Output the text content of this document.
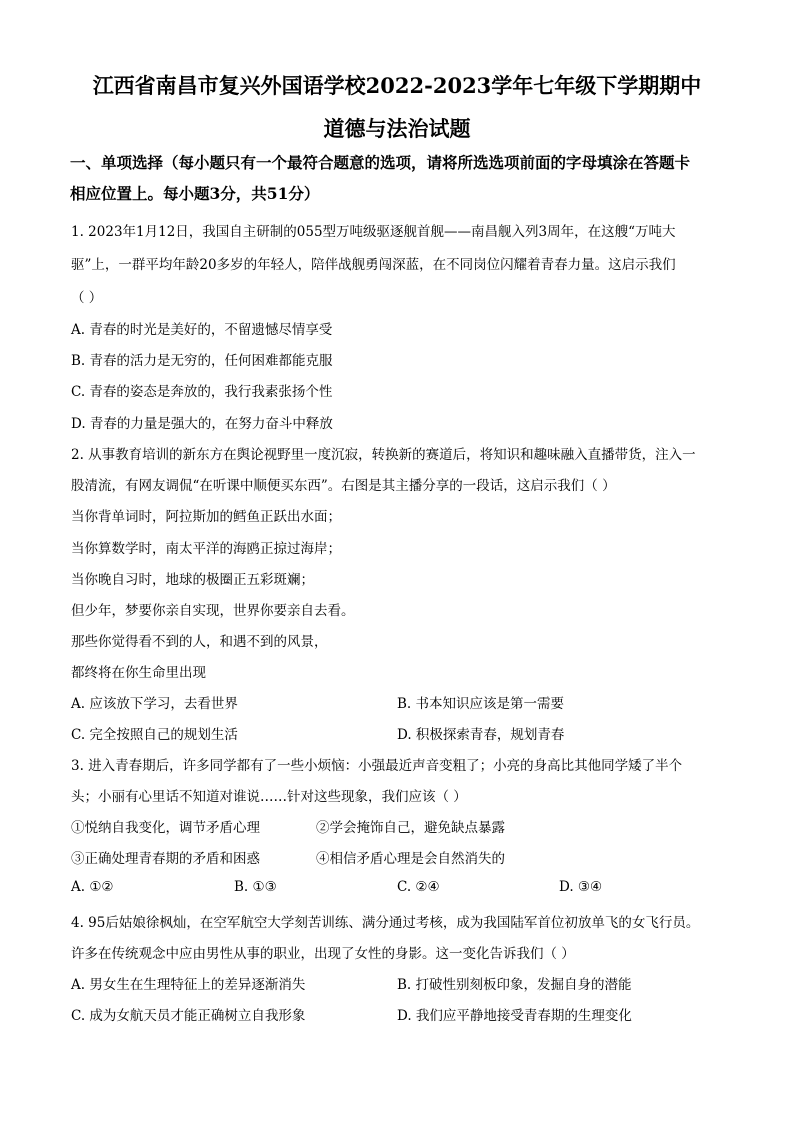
江西省南昌市复兴外国语学校2022-2023学年七年级下学期期中
道德与法治试题
一、单项选择（每小题只有一个最符合题意的选项，请将所选选项前面的字母填涂在答题卡
相应位置上。每小题3分，共51分）
1. 2023年1月12日，我国自主研制的055型万吨级驱逐舰首舰——南昌舰入列3周年，在这艘“万吨大
驱”上，一群平均年龄20多岁的年轻人，陪伴战舰勇闯深蓝，在不同岗位闪耀着青春力量。这启示我们
（ ）
A. 青春的时光是美好的，不留遗憾尽情享受
B. 青春的活力是无穷的，任何困难都能克服
C. 青春的姿态是奔放的，我行我素张扬个性
D. 青春的力量是强大的，在努力奋斗中释放
2. 从事教育培训的新东方在舆论视野里一度沉寂，转换新的赛道后，将知识和趣味融入直播带货，注入一
股清流，有网友调侃“在听课中顺便买东西”。右图是其主播分享的一段话，这启示我们（ ）
当你背单词时，阿拉斯加的鳕鱼正跃出水面；
当你算数学时，南太平洋的海鸥正掠过海岸；
当你晚自习时，地球的极圈正五彩斑斓；
但少年，梦要你亲自实现，世界你要亲自去看。
那些你觉得看不到的人，和遇不到的风景，
都终将在你生命里出现
A. 应该放下学习，去看世界	B. 书本知识应该是第一需要
C. 完全按照自己的规划生活	D. 积极探索青春，规划青春
3. 进入青春期后，许多同学都有了一些小烦恼：小强最近声音变粗了；小亮的身高比其他同学矮了半个
头；小丽有心里话不知道对谁说……针对这些现象，我们应该（ ）
①悦纳自我变化，调节矛盾心理	②学会掩饰自己，避免缺点暴露
③正确处理青春期的矛盾和困惑	④相信矛盾心理是会自然消失的
A. ①②	B. ①③	C. ②④	D. ③④
4. 95后姑娘徐枫灿，在空军航空大学刻苦训练、满分通过考核，成为我国陆军首位初放单飞的女飞行员。
许多在传统观念中应由男性从事的职业，出现了女性的身影。这一变化告诉我们（ ）
A. 男女生在生理特征上的差异逐渐消失	B. 打破性别刻板印象，发掘自身的潜能
C. 成为女航天员才能正确树立自我形象	D. 我们应平静地接受青春期的生理变化
